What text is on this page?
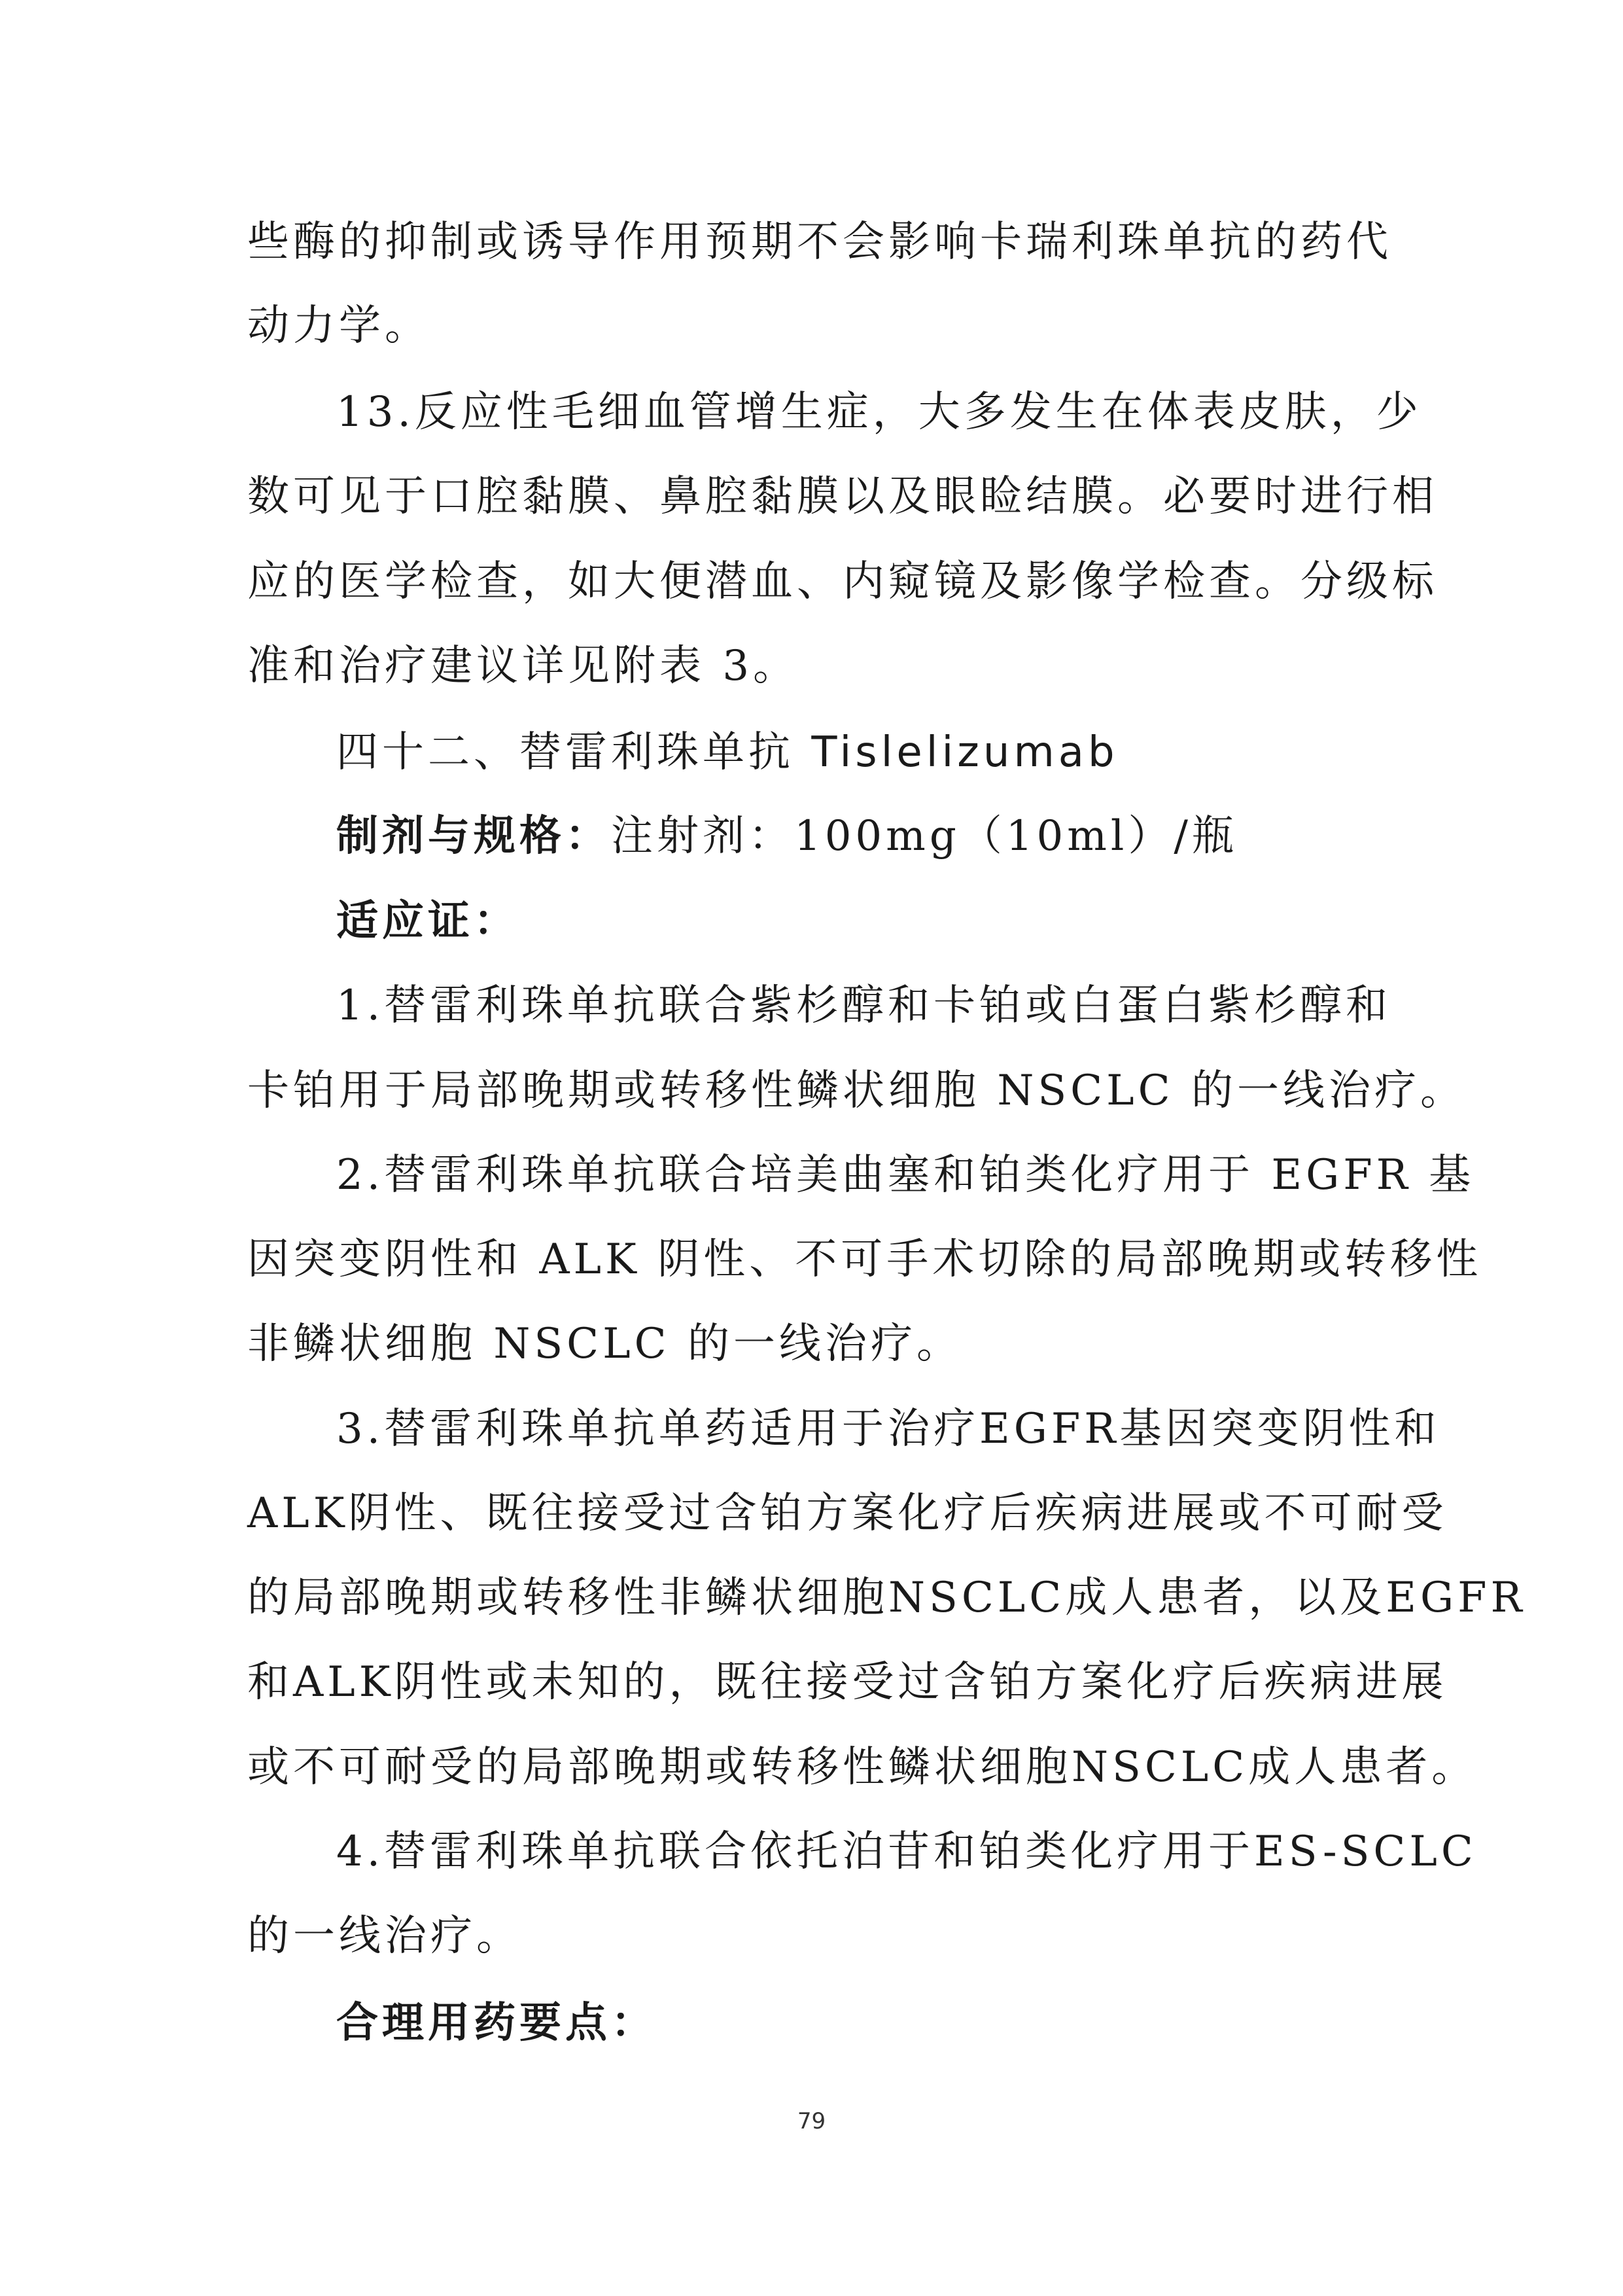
些酶的抑制或诱导作用预期不会影响卡瑞利珠单抗的药代
动力学。
13.反应性毛细血管增生症，大多发生在体表皮肤，少
数可见于口腔黏膜、鼻腔黏膜以及眼睑结膜。必要时进行相
应的医学检查，如大便潜血、内窥镜及影像学检查。分级标
准和治疗建议详见附表 3。
四十二、替雷利珠单抗 Tislelizumab
制剂与规格：注射剂：100mg（10ml）/瓶
适应证：
1.替雷利珠单抗联合紫杉醇和卡铂或白蛋白紫杉醇和
卡铂用于局部晚期或转移性鳞状细胞 NSCLC 的一线治疗。
2.替雷利珠单抗联合培美曲塞和铂类化疗用于 EGFR 基
因突变阴性和 ALK 阴性、不可手术切除的局部晚期或转移性
非鳞状细胞 NSCLC 的一线治疗。
3.替雷利珠单抗单药适用于治疗EGFR基因突变阴性和
ALK阴性、既往接受过含铂方案化疗后疾病进展或不可耐受
的局部晚期或转移性非鳞状细胞NSCLC成人患者，以及EGFR
和ALK阴性或未知的，既往接受过含铂方案化疗后疾病进展
或不可耐受的局部晚期或转移性鳞状细胞NSCLC成人患者。
4.替雷利珠单抗联合依托泊苷和铂类化疗用于ES-SCLC
的一线治疗。
合理用药要点：
79
